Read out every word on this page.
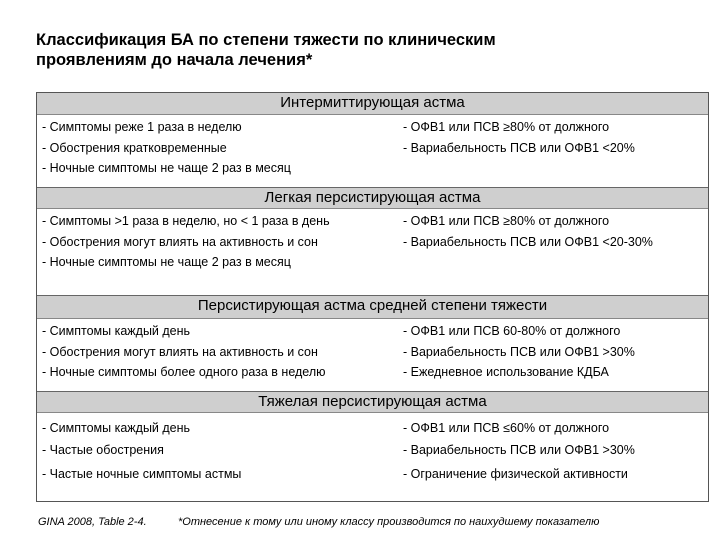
Классификация БА по степени тяжести по клиническим
проявлениям до начала лечения*
Интермиттирующая астма
- Симптомы реже 1 раза в неделю
- Обострения кратковременные
- Ночные симптомы не чаще 2 раз в месяц
- ОФВ1 или ПСВ ≥80% от должного
- Вариабельность ПСВ или ОФВ1 <20%
Легкая персистирующая астма
- Симптомы >1 раза в неделю, но < 1 раза в день
- Обострения могут влиять на активность и сон
- Ночные симптомы не чаще 2 раз в месяц
- ОФВ1 или ПСВ ≥80% от должного
- Вариабельность ПСВ или ОФВ1 <20-30%
Персистирующая астма средней степени тяжести
- Симптомы каждый день
- Обострения могут влиять на активность и сон
- Ночные симптомы более одного раза в неделю
- ОФВ1 или ПСВ 60-80% от должного
- Вариабельность ПСВ или ОФВ1 >30%
- Ежедневное использование КДБА
Тяжелая персистирующая астма
- Симптомы каждый день
- Частые обострения
- Частые ночные симптомы астмы
- ОФВ1 или ПСВ ≤60% от должного
- Вариабельность ПСВ или ОФВ1 >30%
- Ограничение физической активности
GINA 2008, Table 2-4.	*Отнесение к тому или иному классу производится по наихудшему показателю
